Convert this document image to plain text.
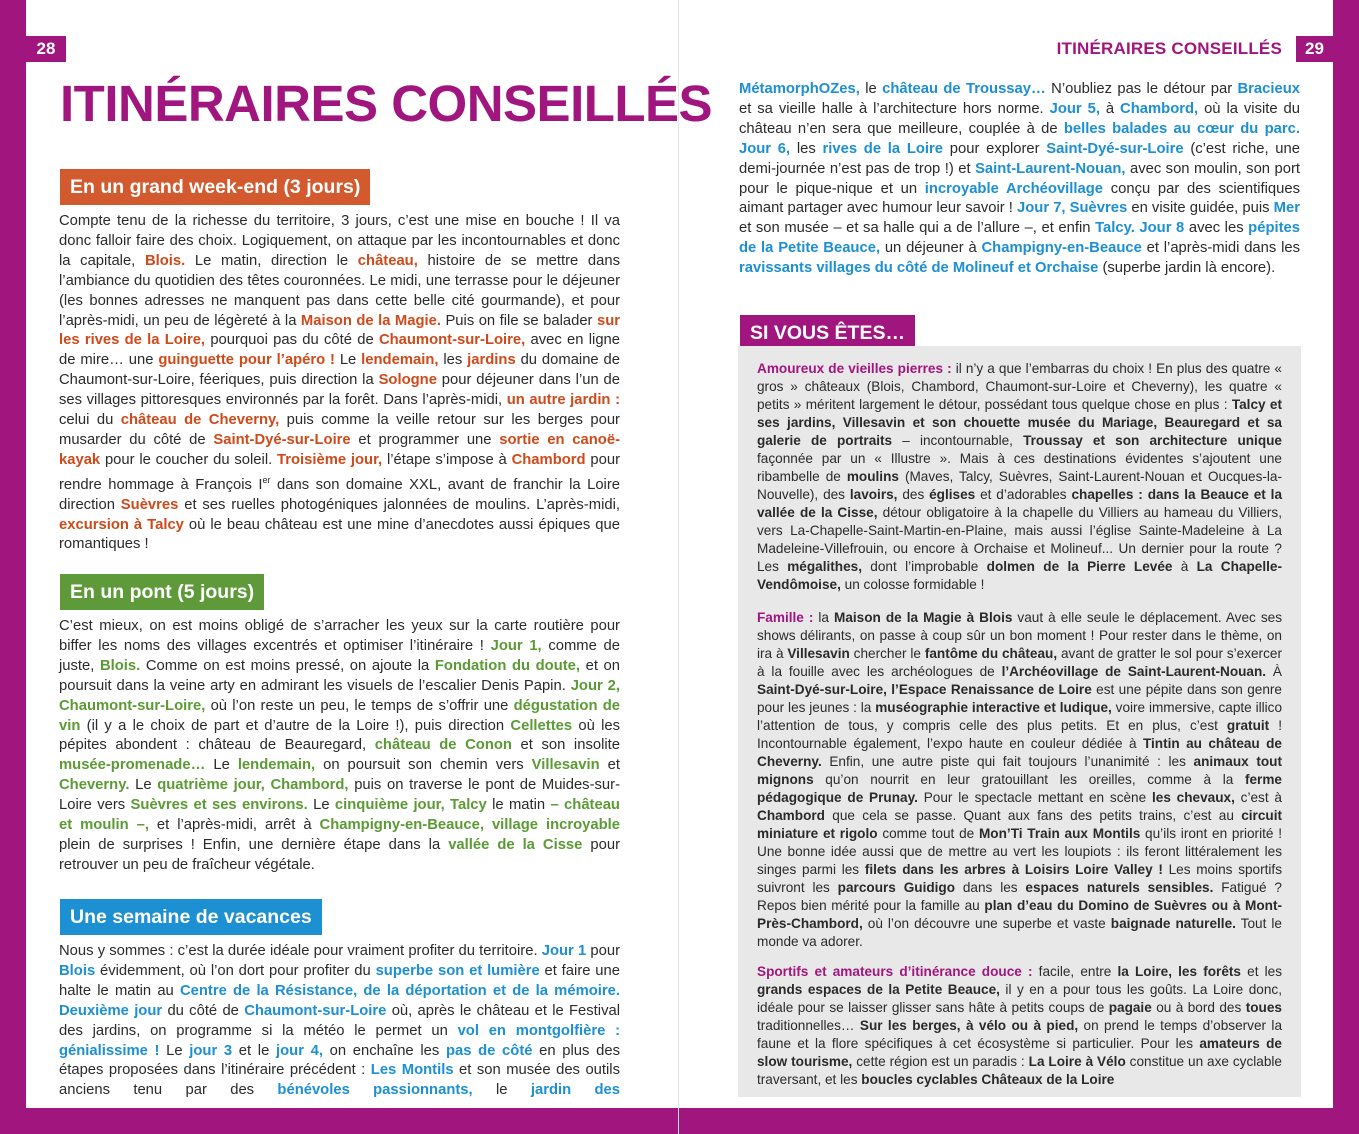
28	ITINÉRAIRES CONSEILLÉS	29
ITINÉRAIRES CONSEILLÉS
En un grand week-end (3 jours)

Compte tenu de la richesse du territoire, 3 jours, c’est une mise en bouche ! Il va donc falloir faire des choix. Logiquement, on attaque par les incontournables et donc la capitale, Blois. Le matin, direction le château, histoire de se mettre dans l’ambiance du quotidien des têtes couronnées. Le midi, une terrasse pour le déjeuner (les bonnes adresses ne manquent pas dans cette belle cité gourmande), et pour l’après-midi, un peu de légèreté à la Maison de la Magie. Puis on file se balader sur les rives de la Loire, pourquoi pas du côté de Chaumont-sur-Loire, avec en ligne de mire… une guinguette pour l’apéro ! Le lendemain, les jardins du domaine de Chaumont-sur-Loire, féeriques, puis direction la Sologne pour déjeuner dans l’un de ses villages pittoresques environnés par la forêt. Dans l’après-midi, un autre jardin : celui du château de Cheverny, puis comme la veille retour sur les berges pour musarder du côté de Saint-Dyé-sur-Loire et programmer une sortie en canoë-kayak pour le coucher du soleil. Troisième jour, l’étape s’impose à Chambord pour rendre hommage à François Ier dans son domaine XXL, avant de franchir la Loire direction Suèvres et ses ruelles photogéniques jalonnées de moulins. L’après-midi, excursion à Talcy où le beau château est une mine d’anecdotes aussi épiques que romantiques !

En un pont (5 jours)

C’est mieux, on est moins obligé de s’arracher les yeux sur la carte routière pour biffer les noms des villages excentrés et optimiser l’itinéraire ! Jour 1, comme de juste, Blois. Comme on est moins pressé, on ajoute la Fondation du doute, et on poursuit dans la veine arty en admirant les visuels de l’escalier Denis Papin. Jour 2, Chaumont-sur-Loire, où l’on reste un peu, le temps de s’offrir une dégustation de vin (il y a le choix de part et d’autre de la Loire !), puis direction Cellettes où les pépites abondent : château de Beauregard, château de Conon et son insolite musée-promenade… Le lendemain, on poursuit son chemin vers Villesavin et Cheverny. Le quatrième jour, Chambord, puis on traverse le pont de Muides-sur-Loire vers Suèvres et ses environs. Le cinquième jour, Talcy le matin – château et moulin –, et l’après-midi, arrêt à Champigny-en-Beauce, village incroyable plein de surprises ! Enfin, une dernière étape dans la vallée de la Cisse pour retrouver un peu de fraîcheur végétale.

Une semaine de vacances

Nous y sommes : c’est la durée idéale pour vraiment profiter du territoire. Jour 1 pour Blois évidemment, où l’on dort pour profiter du superbe son et lumière et faire une halte le matin au Centre de la Résistance, de la déportation et de la mémoire. Deuxième jour du côté de Chaumont-sur-Loire où, après le château et le Festival des jardins, on programme si la météo le permet un vol en montgolfière : génialissime ! Le jour 3 et le jour 4, on enchaîne les pas de côté en plus des étapes proposées dans l’itinéraire précédent : Les Montils et son musée des outils anciens tenu par des bénévoles passionnants, le jardin des

MétamorphOZes, le château de Troussay… N’oubliez pas le détour par Bracieux et sa vieille halle à l’architecture hors norme. Jour 5, à Chambord, où la visite du château n’en sera que meilleure, couplée à de belles balades au cœur du parc. Jour 6, les rives de la Loire pour explorer Saint-Dyé-sur-Loire (c’est riche, une demi-journée n’est pas de trop !) et Saint-Laurent-Nouan, avec son moulin, son port pour le pique-nique et un incroyable Archéovillage conçu par des scientifiques aimant partager avec humour leur savoir ! Jour 7, Suèvres en visite guidée, puis Mer et son musée – et sa halle qui a de l’allure –, et enfin Talcy. Jour 8 avec les pépites de la Petite Beauce, un déjeuner à Champigny-en-Beauce et l’après-midi dans les ravissants villages du côté de Molineuf et Orchaise (superbe jardin là encore).

SI VOUS ÊTES…

Amoureux de vieilles pierres : il n’y a que l’embarras du choix ! En plus des quatre « gros » châteaux (Blois, Chambord, Chaumont-sur-Loire et Cheverny), les quatre « petits » méritent largement le détour, possédant tous quelque chose en plus : Talcy et ses jardins, Villesavin et son chouette musée du Mariage, Beauregard et sa galerie de portraits – incontournable, Troussay et son architecture unique façonnée par un « Illustre ». Mais à ces destinations évidentes s’ajoutent une ribambelle de moulins (Maves, Talcy, Suèvres, Saint-Laurent-Nouan et Oucques-la-Nouvelle), des lavoirs, des églises et d’adorables chapelles : dans la Beauce et la vallée de la Cisse, détour obligatoire à la chapelle du Villiers au hameau du Villiers, vers La-Chapelle-Saint-Martin-en-Plaine, mais aussi l’église Sainte-Madeleine à La Madeleine-Villefrouin, ou encore à Orchaise et Molineuf... Un dernier pour la route ? Les mégalithes, dont l’improbable dolmen de la Pierre Levée à La Chapelle-Vendômoise, un colosse formidable !

Famille : la Maison de la Magie à Blois vaut à elle seule le déplacement. Avec ses shows délirants, on passe à coup sûr un bon moment ! Pour rester dans le thème, on ira à Villesavin chercher le fantôme du château, avant de gratter le sol pour s’exercer à la fouille avec les archéologues de l’Archéovillage de Saint-Laurent-Nouan. À Saint-Dyé-sur-Loire, l’Espace Renaissance de Loire est une pépite dans son genre pour les jeunes : la muséographie interactive et ludique, voire immersive, capte illico l’attention de tous, y compris celle des plus petits. Et en plus, c’est gratuit ! Incontournable également, l’expo haute en couleur dédiée à Tintin au château de Cheverny. Enfin, une autre piste qui fait toujours l’unanimité : les animaux tout mignons qu’on nourrit en leur gratouillant les oreilles, comme à la ferme pédagogique de Prunay. Pour le spectacle mettant en scène les chevaux, c’est à Chambord que cela se passe. Quant aux fans des petits trains, c’est au circuit miniature et rigolo comme tout de Mon’Ti Train aux Montils qu’ils iront en priorité ! Une bonne idée aussi que de mettre au vert les loupiots : ils feront littéralement les singes parmi les filets dans les arbres à Loisirs Loire Valley ! Les moins sportifs suivront les parcours Guidigo dans les espaces naturels sensibles. Fatigué ? Repos bien mérité pour la famille au plan d’eau du Domino de Suèvres ou à Mont-Près-Chambord, où l’on découvre une superbe et vaste baignade naturelle. Tout le monde va adorer.

Sportifs et amateurs d’itinérance douce : facile, entre la Loire, les forêts et les grands espaces de la Petite Beauce, il y en a pour tous les goûts. La Loire donc, idéale pour se laisser glisser sans hâte à petits coups de pagaie ou à bord des toues traditionnelles… Sur les berges, à vélo ou à pied, on prend le temps d’observer la faune et la flore spécifiques à cet écosystème si particulier. Pour les amateurs de slow tourisme, cette région est un paradis : La Loire à Vélo constitue un axe cyclable traversant, et les boucles cyclables Châteaux de la Loire
